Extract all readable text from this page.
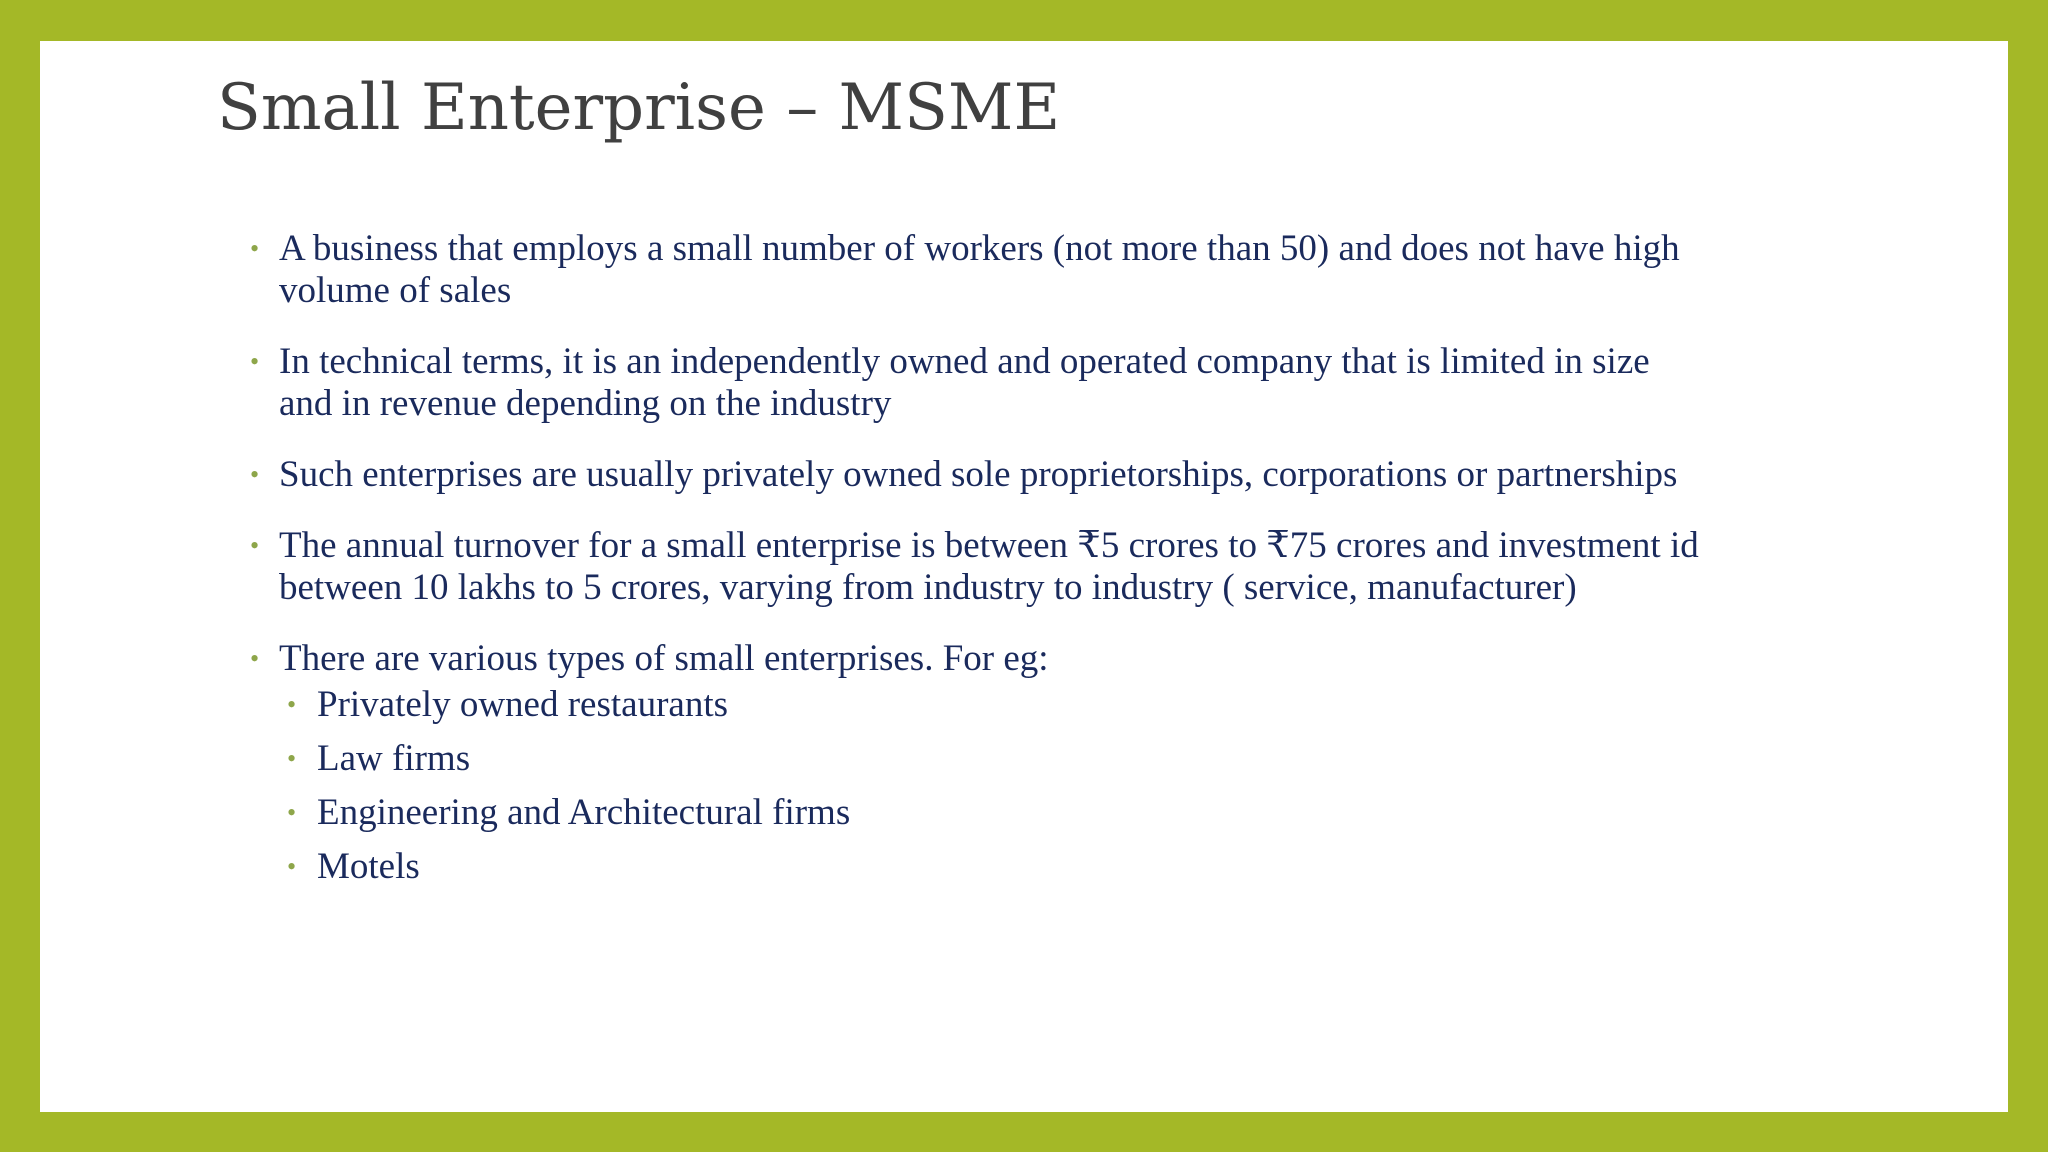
Small Enterprise – MSME
• A business that employs a small number of workers (not more than 50) and does not have high volume of sales
• In technical terms, it is an independently owned and operated company that is limited in size and in revenue depending on the industry
• Such enterprises are usually privately owned sole proprietorships, corporations or partnerships
• The annual turnover for a small enterprise is between ₹5 crores to ₹75 crores and investment id between 10 lakhs to 5 crores, varying from industry to industry ( service, manufacturer)
• There are various types of small enterprises. For eg:
• Privately owned restaurants
• Law firms
• Engineering and Architectural firms
• Motels
